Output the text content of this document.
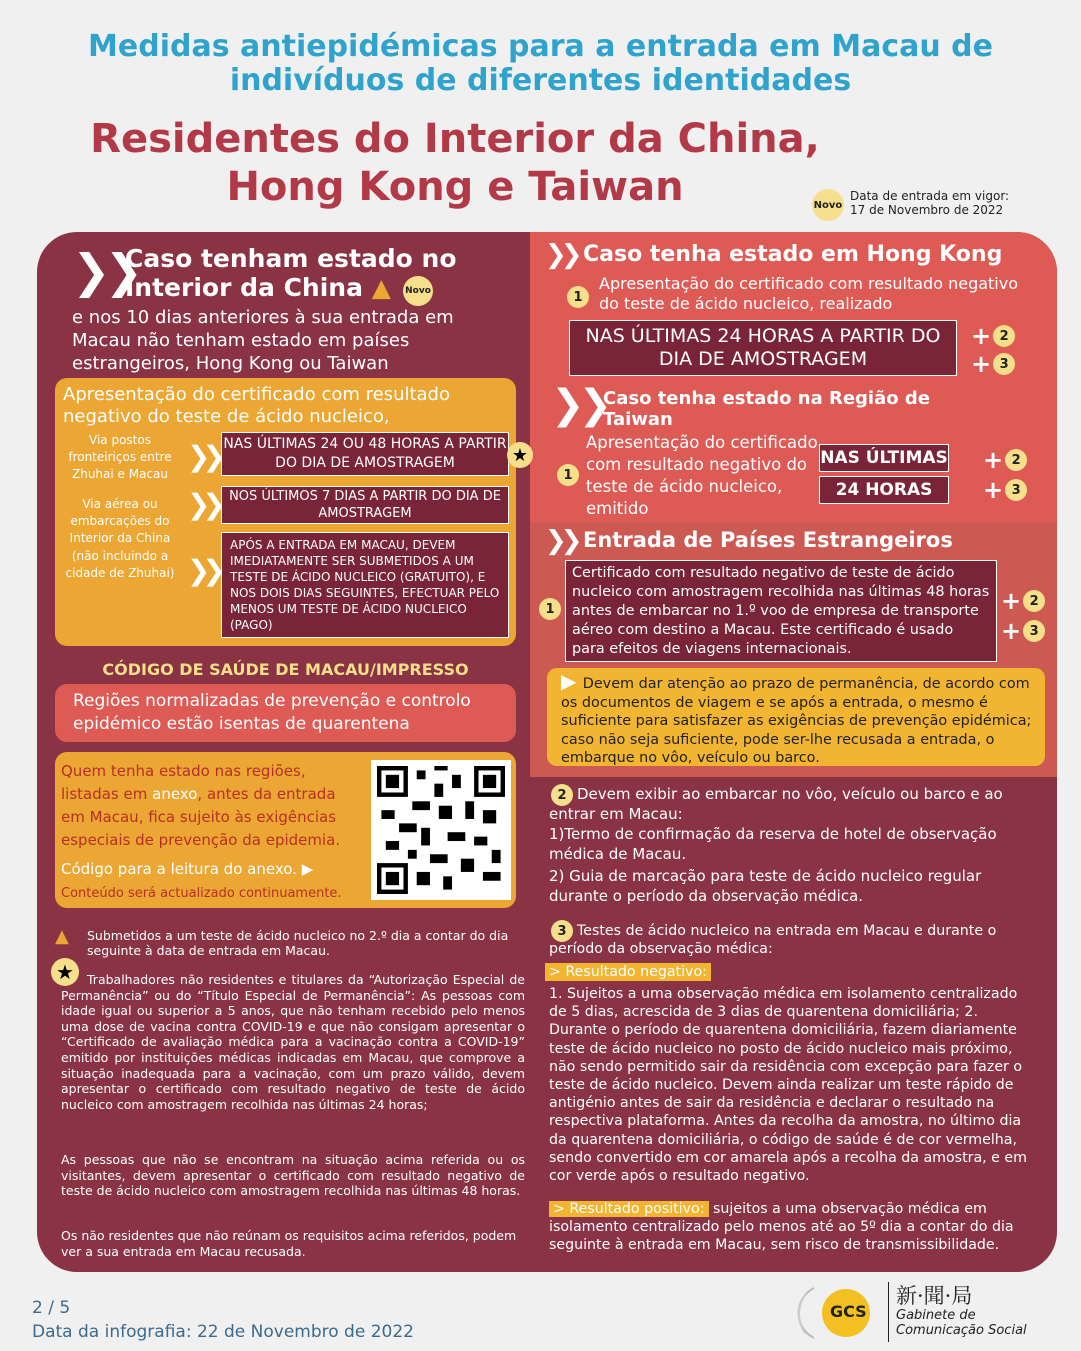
Medidas antiepidémicas para a entrada em Macau de
indivíduos de diferentes identidades
Residentes do Interior da China,
Hong Kong e Taiwan	Novo
Data de entrada em vigor:
17 de Novembro de 2022
❯❯
Caso tenham estado no
Interior da China ▲	Novo
e nos 10 dias anteriores à sua entrada em Macau não tenham estado em países estrangeiros, Hong Kong ou Taiwan
Apresentação do certificado com resultado negativo do teste de ácido nucleico,
Via postos fronteiriços entre Zhuhai e Macau
❯❯ NAS ÚLTIMAS 24 OU 48 HORAS A PARTIR DO DIA DE AMOSTRAGEM	★
Via aérea ou embarcações do Interior da China
❯❯ NOS ÚLTIMOS 7 DIAS A PARTIR DO DIA DE AMOSTRAGEM
(não incluindo a cidade de Zhuhai) ❯❯
APÓS A ENTRADA EM MACAU, DEVEM IMEDIATAMENTE SER SUBMETIDOS A UM TESTE DE ÁCIDO NUCLEICO (GRATUITO), E NOS DOIS DIAS SEGUINTES, EFECTUAR PELO MENOS UM TESTE DE ÁCIDO NUCLEICO (PAGO)
CÓDIGO DE SAÚDE DE MACAU/IMPRESSO
Regiões normalizadas de prevenção e controlo epidémico estão isentas de quarentena
Quem tenha estado nas regiões, listadas em anexo, antes da entrada em Macau, fica sujeito às exigências especiais de prevenção da epidemia.
Código para a leitura do anexo. ▶
Conteúdo será actualizado continuamente.
▲	Submetidos a um teste de ácido nucleico no 2.º dia a contar do dia seguinte à data de entrada em Macau.
★	Trabalhadores não residentes e titulares da “Autorização Especial de Permanência” ou do “Título Especial de Permanência”: As pessoas com idade igual ou superior a 5 anos, que não tenham recebido pelo menos uma dose de vacina contra COVID-19 e que não consigam apresentar o “Certificado de avaliação médica para a vacinação contra a COVID-19” emitido por instituições médicas indicadas em Macau, que comprove a situação inadequada para a vacinação, com um prazo válido, devem apresentar o certificado com resultado negativo de teste de ácido nucleico com amostragem recolhida nas últimas 24 horas;
As pessoas que não se encontram na situação acima referida ou os visitantes, devem apresentar o certificado com resultado negativo de teste de ácido nucleico com amostragem recolhida nas últimas 48 horas.
Os não residentes que não reúnam os requisitos acima referidos, podem ver a sua entrada em Macau recusada.
❯❯ Caso tenha estado em Hong Kong
1
Apresentação do certificado com resultado negativo do teste de ácido nucleico, realizado
NAS ÚLTIMAS 24 HORAS A PARTIR DO DIA DE AMOSTRAGEM
+ 2
+ 3
❯❯
Caso tenha estado na Região de Taiwan
1
Apresentação do certificado com resultado negativo do teste de ácido nucleico, emitido
NAS ÚLTIMAS
24 HORAS
+ 2
+ 3
❯❯ Entrada de Países Estrangeiros
1
Certificado com resultado negativo de teste de ácido nucleico com amostragem recolhida nas últimas 48 horas antes de embarcar no 1.º voo de empresa de transporte aéreo com destino a Macau. Este certificado é usado para efeitos de viagens internacionais.
+ 2
+ 3
▶ Devem dar atenção ao prazo de permanência, de acordo com os documentos de viagem e se após a entrada, o mesmo é suficiente para satisfazer as exigências de prevenção epidémica; caso não seja suficiente, pode ser-lhe recusada a entrada, o embarque no vôo, veículo ou barco.
2 Devem exibir ao embarcar no vôo, veículo ou barco e ao entrar em Macau:
1)Termo de confirmação da reserva de hotel de observação médica de Macau.
2) Guia de marcação para teste de ácido nucleico regular durante o período da observação médica.
3 Testes de ácido nucleico na entrada em Macau e durante o período da observação médica:
> Resultado negativo:
1. Sujeitos a uma observação médica em isolamento centralizado de 5 dias, acrescida de 3 dias de quarentena domiciliária; 2. Durante o período de quarentena domiciliária, fazem diariamente teste de ácido nucleico no posto de ácido nucleico mais próximo, não sendo permitido sair da residência com excepção para fazer o teste de ácido nucleico. Devem ainda realizar um teste rápido de antigénio antes de sair da residência e declarar o resultado na respectiva plataforma. Antes da recolha da amostra, no último dia da quarentena domiciliária, o código de saúde é de cor vermelha, sendo convertido em cor amarela após a recolha da amostra, e em cor verde após o resultado negativo.
> Resultado positivo: sujeitos a uma observação médica em isolamento centralizado pelo menos até ao 5º dia a contar do dia seguinte à entrada em Macau, sem risco de transmissibilidade.
2 / 5
Data da infografia: 22 de Novembro de 2022
GCS
新·聞·局
Gabinete de
Comunicação Social
